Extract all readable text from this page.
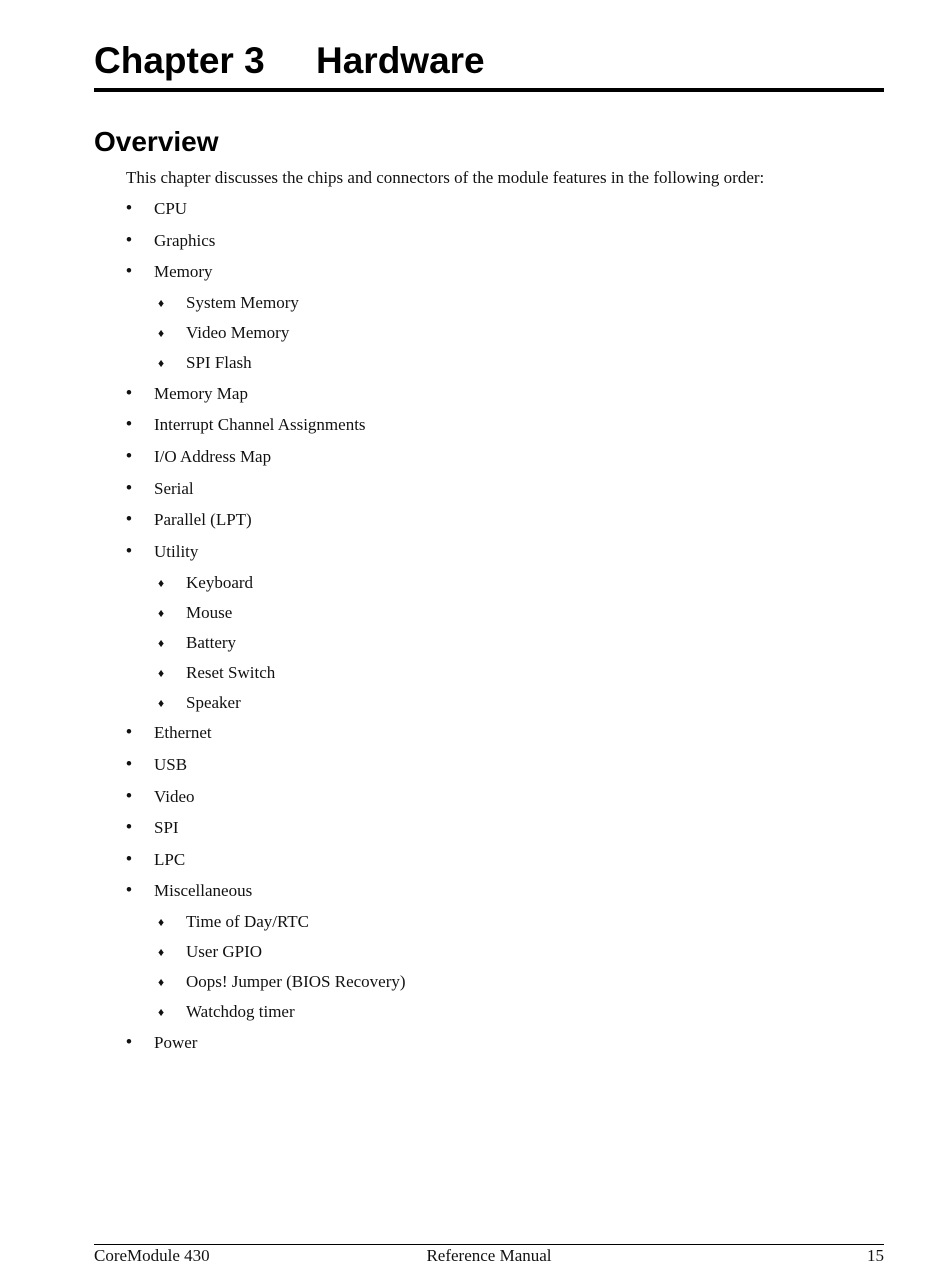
Chapter 3 Hardware
Overview
This chapter discusses the chips and connectors of the module features in the following order:
• CPU
• Graphics
• Memory
♦ System Memory
♦ Video Memory
♦ SPI Flash
• Memory Map
• Interrupt Channel Assignments
• I/O Address Map
• Serial
• Parallel (LPT)
• Utility
♦ Keyboard
♦ Mouse
♦ Battery
♦ Reset Switch
♦ Speaker
• Ethernet
• USB
• Video
• SPI
• LPC
• Miscellaneous
♦ Time of Day/RTC
♦ User GPIO
♦ Oops! Jumper (BIOS Recovery)
♦ Watchdog timer
• Power
CoreModule 430	Reference Manual	15
